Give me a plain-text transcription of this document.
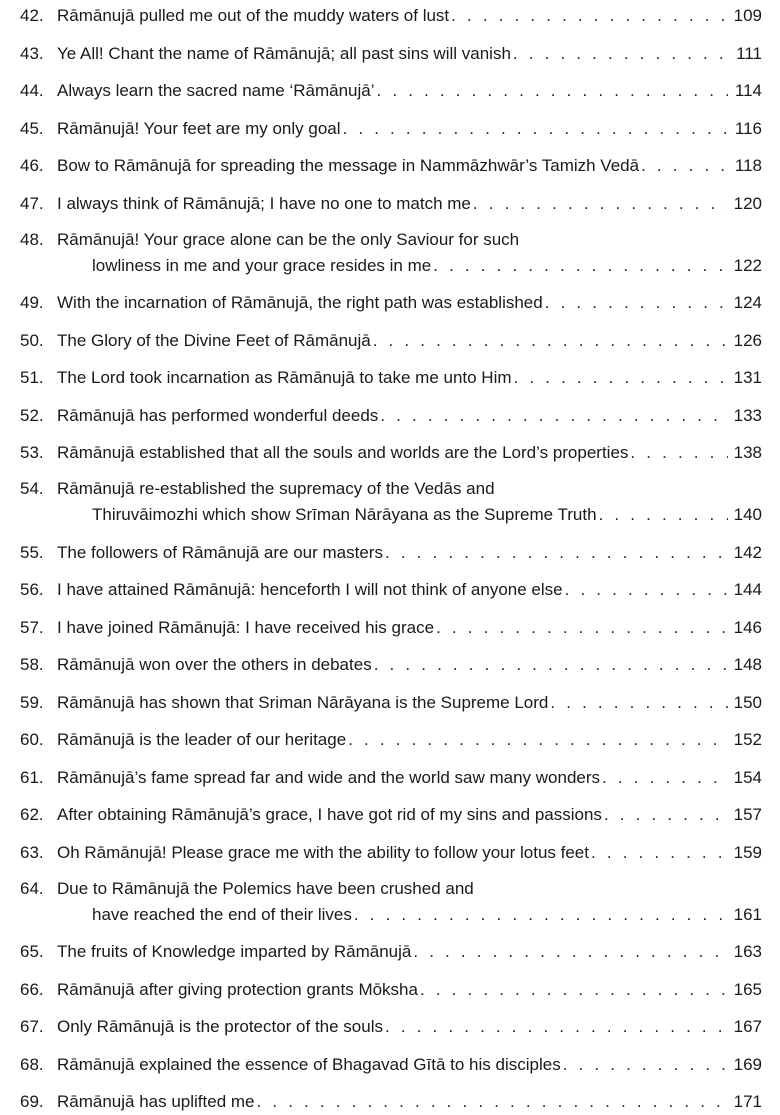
42. Rāmānujā pulled me out of the muddy waters of lust . . .	109
43. Ye All! Chant the name of Rāmānujā; all past sins will vanish . . .	111
44. Always learn the sacred name ‘Rāmānujā’ . . .	114
45. Rāmānujā! Your feet are my only goal . . .	116
46. Bow to Rāmānujā for spreading the message in Nammāzhwār’s Tamizh Vedā . . .	118
47. I always think of Rāmānujā; I have no one to match me . . .	120
48. Rāmānujā! Your grace alone can be the only Saviour for such
lowliness in me and your grace resides in me . . .	122
49. With the incarnation of Rāmānujā, the right path was established . . .	124
50. The Glory of the Divine Feet of Rāmānujā . . .	126
51. The Lord took incarnation as Rāmānujā to take me unto Him . . .	131
52. Rāmānujā has performed wonderful deeds . . .	133
53. Rāmānujā established that all the souls and worlds are the Lord’s properties . . .	138
54. Rāmānujā re-established the supremacy of the Vedās and
Thiruvāimozhi which show Srīman Nārāyana as the Supreme Truth . . .	140
55. The followers of Rāmānujā are our masters . . .	142
56. I have attained Rāmānujā: henceforth I will not think of anyone else . . .	144
57. I have joined Rāmānujā: I have received his grace . . .	146
58. Rāmānujā won over the others in debates . . .	148
59. Rāmānujā has shown that Sriman Nārāyana is the Supreme Lord . . .	150
60. Rāmānujā is the leader of our heritage . . .	152
61. Rāmānujā’s fame spread far and wide and the world saw many wonders . . .	154
62. After obtaining Rāmānujā’s grace, I have got rid of my sins and passions . . .	157
63. Oh Rāmānujā! Please grace me with the ability to follow your lotus feet . . .	159
64. Due to Rāmānujā the Polemics have been crushed and
have reached the end of their lives . . .	161
65. The fruits of Knowledge imparted by Rāmānujā . . .	163
66. Rāmānujā after giving protection grants Mōksha . . .	165
67. Only Rāmānujā is the protector of the souls . . .	167
68. Rāmānujā explained the essence of Bhagavad Gītā to his disciples . . .	169
69. Rāmānujā has uplifted me . . .	171
